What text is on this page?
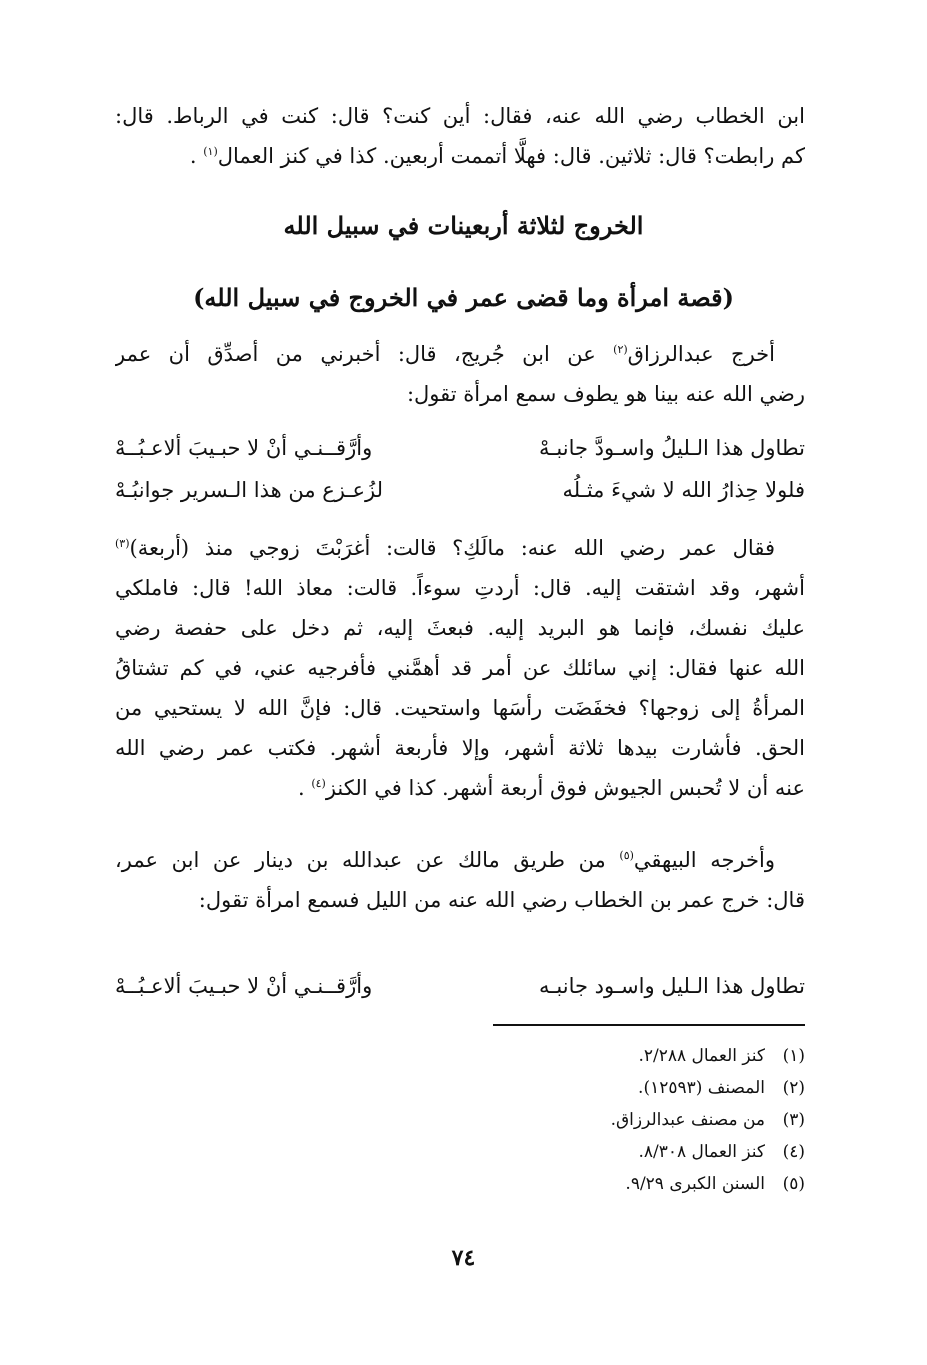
ابن الخطاب رضي الله عنه، فقال: أين كنت؟ قال: كنت في الرباط. قال:
كم رابطت؟ قال: ثلاثين. قال: فهلَّا أتممت أربعين. كذا في كنز العمال$^{(١)}$ .
الخروج لثلاثة أربعينات في سبيل الله
(قصة امرأة وما قضى عمر في الخروج في سبيل الله)
أخرج عبدالرزاق$^{(٢)}$ عن ابن جُريج، قال: أخبرني من أصدِّق أن عمر
رضي الله عنه بينا هو يطوف سمع امرأة تقول:
تطاول هذا الـليلُ واسـودَّ جانبـهْ
وأرَّقــنـي أنْ لا حبـيبَ ألاعـبُــهْ
فلولا حِذارُ الله لا شيءَ مثـلُه
لزُعـزع من هذا الـسرير جوانبُـهْ
فقال عمر رضي الله عنه: مالَكِ؟ قالت: أغرَبْتَ زوجي منذ (أربعة)$^{(٣)}$
أشهر، وقد اشتقت إليه. قال: أردتِ سوءاً. قالت: معاذ الله! قال: فاملكي
عليك نفسك، فإنما هو البريد إليه. فبعثَ إليه، ثم دخل على حفصة رضي
الله عنها فقال: إني سائلك عن أمر قد أهمَّني فأفرجيه عني، في كم تشتاقُ
المرأةُ إلى زوجها؟ فخفَضَت رأسَها واستحيت. قال: فإنَّ الله لا يستحيي من
الحق. فأشارت بيدها ثلاثة أشهر، وإلا فأربعة أشهر. فكتب عمر رضي الله
عنه أن لا تُحبس الجيوش فوق أربعة أشهر. كذا في الكنز$^{(٤)}$ .
وأخرجه البيهقي$^{(٥)}$ من طريق مالك عن عبدالله بن دينار عن ابن عمر،
قال: خرج عمر بن الخطاب رضي الله عنه من الليل فسمع امرأة تقول:
تطاول هذا الـليل واسـود جانبـه
وأرَّقــنـي أنْ لا حبـيبَ ألاعـبُــهْ
(١)
كنز العمال ٢/٢٨٨.
(٢)
المصنف (١٢٥٩٣).
(٣)
من مصنف عبدالرزاق.
(٤)
كنز العمال ٨/٣٠٨.
(٥)
السنن الكبرى ٩/٢٩.
٧٤
